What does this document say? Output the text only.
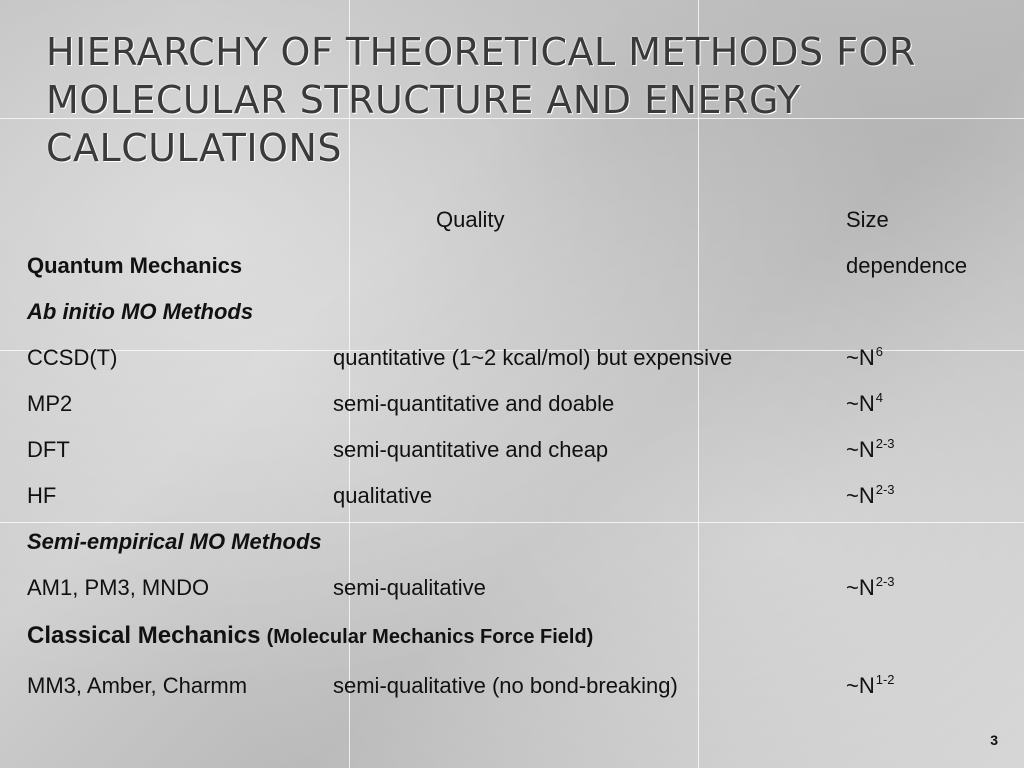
HIERARCHY OF THEORETICAL METHODS FOR MOLECULAR STRUCTURE AND ENERGY CALCULATIONS
Quality	Size
dependence
Quantum Mechanics
Ab initio MO Methods
CCSD(T)	quantitative (1~2 kcal/mol) but expensive	$\sim N^6$
MP2	semi-quantitative and doable	$\sim N^4$
DFT	semi-quantitative and cheap	$\sim N^{2-3}$
HF	qualitative	$\sim N^{2-3}$
Semi-empirical MO Methods
AM1, PM3, MNDO	semi-qualitative	$\sim N^{2-3}$
Classical Mechanics (Molecular Mechanics Force Field)
MM3, Amber, Charmm	semi-qualitative (no bond-breaking)	$\sim N^{1-2}$
3
